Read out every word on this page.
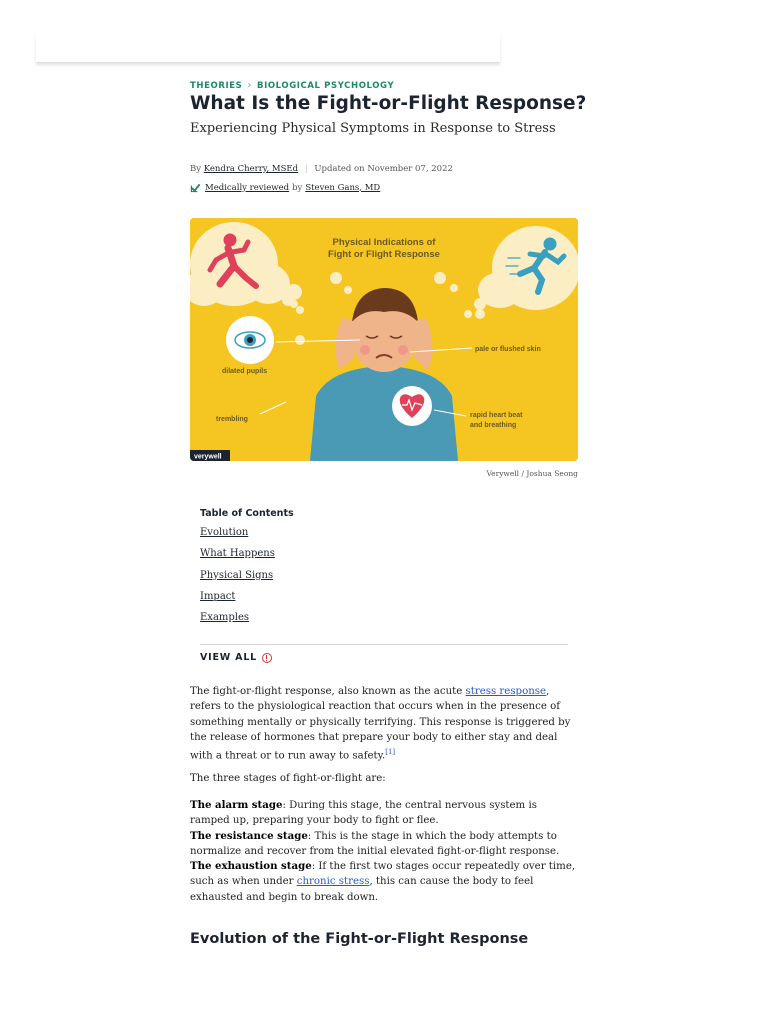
THEORIES › BIOLOGICAL PSYCHOLOGY
What Is the Fight-or-Flight Response?
Experiencing Physical Symptoms in Response to Stress
By Kendra Cherry, MSEd | Updated on November 07, 2022
Medically reviewed by Steven Gans, MD
Physical Indications of
Fight or Flight Response
dilated pupils
pale or flushed skin
trembling
rapid heart beat
and breathing
verywell
Verywell / Joshua Seong
Table of Contents
Evolution
What Happens
Physical Signs
Impact
Examples
VIEW ALL
The fight-or-flight response, also known as the acute stress response, refers to the physiological reaction that occurs when in the presence of something mentally or physically terrifying. This response is triggered by the release of hormones that prepare your body to either stay and deal with a threat or to run away to safety.[1]
The three stages of fight-or-flight are:
The alarm stage: During this stage, the central nervous system is ramped up, preparing your body to fight or flee.
The resistance stage: This is the stage in which the body attempts to normalize and recover from the initial elevated fight-or-flight response.
The exhaustion stage: If the first two stages occur repeatedly over time, such as when under chronic stress, this can cause the body to feel exhausted and begin to break down.
Evolution of the Fight-or-Flight Response
